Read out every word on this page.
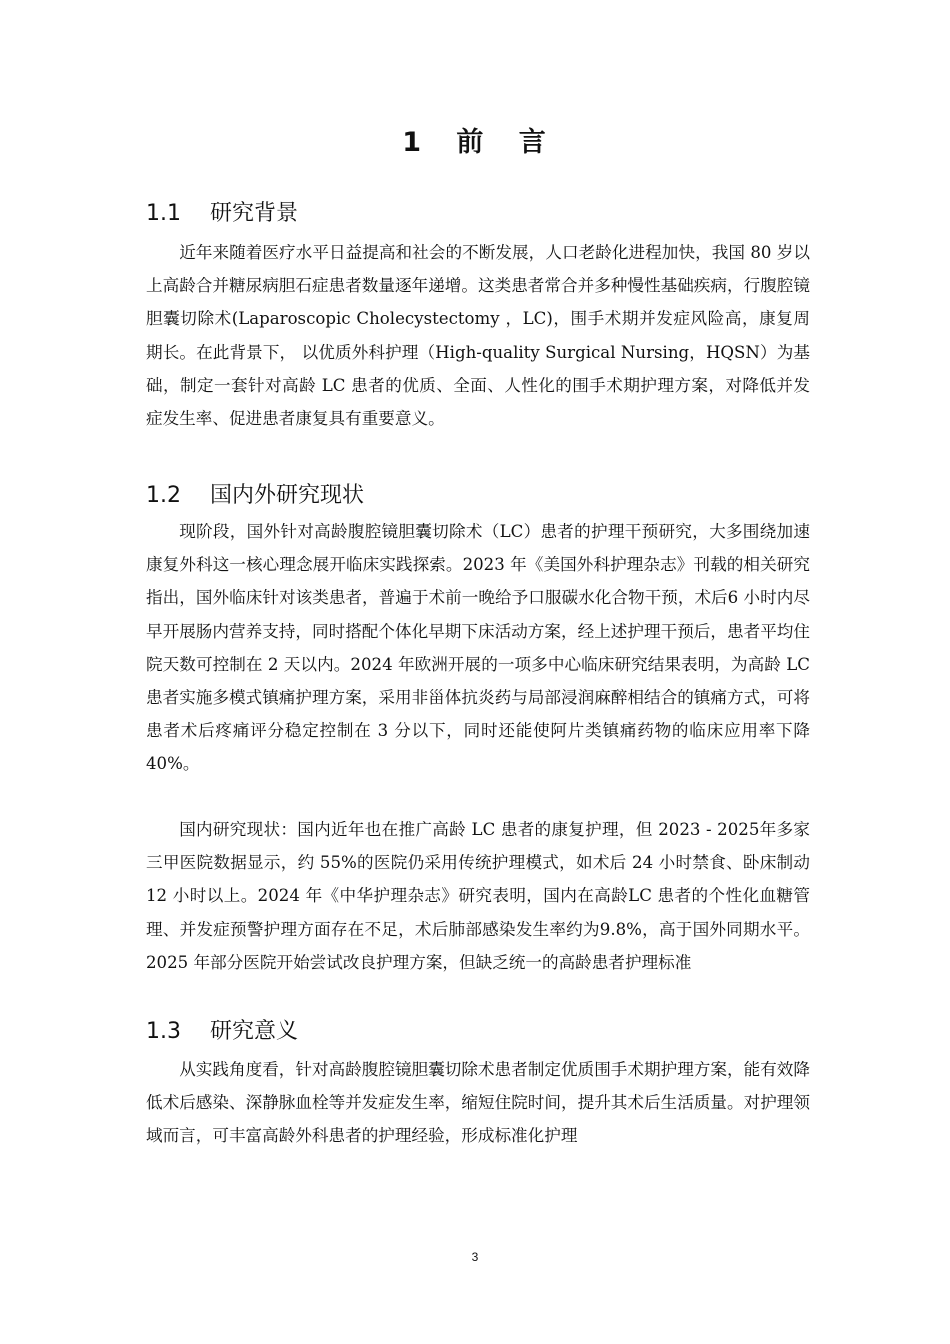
1 前 言
1.1 研究背景

近年来随着医疗水平日益提高和社会的不断发展，人口老龄化进程加快，我国 80 岁以上高龄合并糖尿病胆石症患者数量逐年递增。这类患者常合并多种慢性基础疾病，行腹腔镜胆囊切除术(Laparoscopic Cholecystectomy ，LC)，围手术期并发症风险高，康复周期长。在此背景下， 以优质外科护理（High-quality Surgical Nursing，HQSN）为基础，制定一套针对高龄 LC 患者的优质、全面、人性化的围手术期护理方案，对降低并发症发生率、促进患者康复具有重要意义。

1.2 国内外研究现状

现阶段，国外针对高龄腹腔镜胆囊切除术（LC）患者的护理干预研究，大多围绕加速康复外科这一核心理念展开临床实践探索。2023 年《美国外科护理杂志》刊载的相关研究指出，国外临床针对该类患者，普遍于术前一晚给予口服碳水化合物干预，术后6 小时内尽早开展肠内营养支持，同时搭配个体化早期下床活动方案，经上述护理干预后，患者平均住院天数可控制在 2 天以内。2024 年欧洲开展的一项多中心临床研究结果表明，为高龄 LC 患者实施多模式镇痛护理方案，采用非甾体抗炎药与局部浸润麻醉相结合的镇痛方式，可将患者术后疼痛评分稳定控制在 3 分以下，同时还能使阿片类镇痛药物的临床应用率下降40%。

国内研究现状：国内近年也在推广高龄 LC 患者的康复护理，但 2023 - 2025年多家三甲医院数据显示，约 55%的医院仍采用传统护理模式，如术后 24 小时禁食、卧床制动 12 小时以上。2024 年《中华护理杂志》研究表明，国内在高龄LC 患者的个性化血糖管理、并发症预警护理方面存在不足，术后肺部感染发生率约为9.8%，高于国外同期水平。2025 年部分医院开始尝试改良护理方案，但缺乏统一的高龄患者护理标准

1.3 研究意义

从实践角度看，针对高龄腹腔镜胆囊切除术患者制定优质围手术期护理方案，能有效降低术后感染、深静脉血栓等并发症发生率，缩短住院时间，提升其术后生活质量。对护理领域而言，可丰富高龄外科患者的护理经验，形成标准化护理

3
